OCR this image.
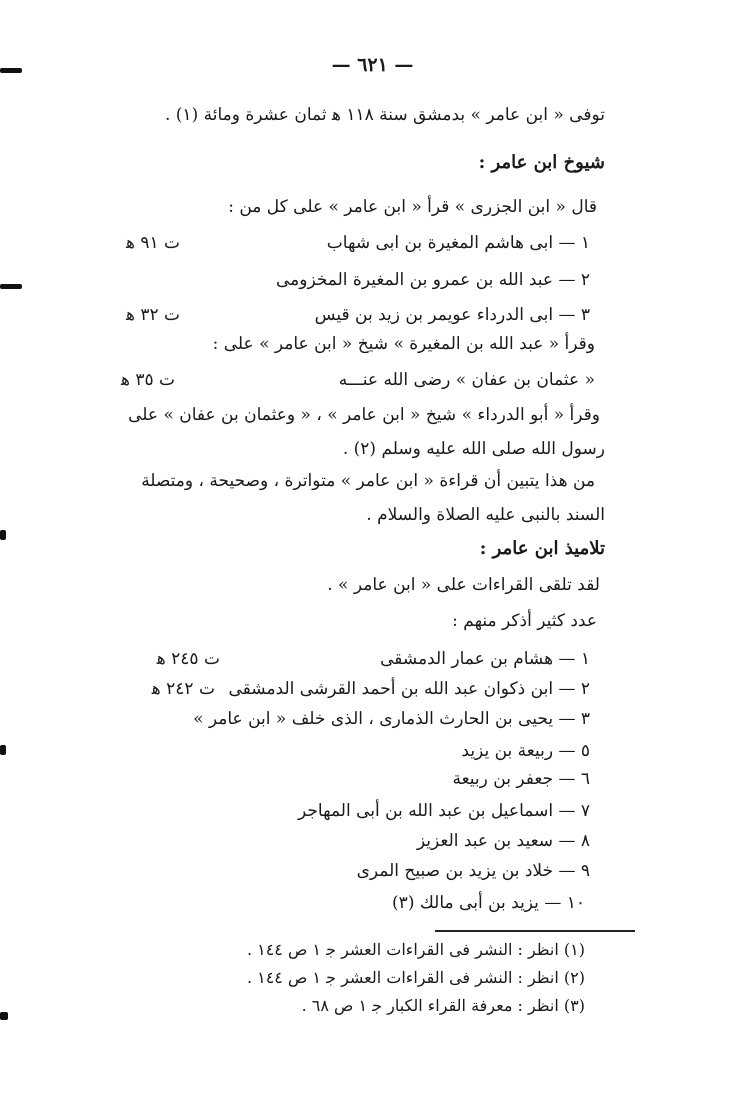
— ٦٢١ —
توفى « ابن عامر » بدمشق سنة ١١٨ ﻫ ثمان عشرة ومائة (١) .
شيوخ ابن عامر :
قال « ابن الجزرى » قرأ « ابن عامر » على كل من :
١ — ابى هاشم المغيرة بن ابى شهاب
ت ٩١ ﻫ
٢ — عبد الله بن عمرو بن المغيرة المخزومى
٣ — ابى الدرداء عويمر بن زيد بن قيس
ت ٣٢ ﻫ
وقرأ « عبد الله بن المغيرة » شيخ « ابن عامر » على :
« عثمان بن عفان » رضى الله عنـــه
ت ٣٥ ﻫ
وقرأ « أبو الدرداء » شيخ « ابن عامر » ، « وعثمان بن عفان » على
رسول الله صلى الله عليه وسلم (٢) .
من هذا يتبين أن قراءة « ابن عامر » متواترة ، وصحيحة ، ومتصلة
السند بالنبى عليه الصلاة والسلام .
تلاميذ ابن عامر :
لقد تلقى القراءات على « ابن عامر » .
عدد كثير أذكر منهم :
١ — هشام بن عمار الدمشقى
ت ٢٤٥ ﻫ
٢ — ابن ذكوان عبد الله بن أحمد القرشى الدمشقى
ت ٢٤٢ ﻫ
٣ — يحيى بن الحارث الذمارى ، الذى خلف « ابن عامر »
٥ — ربيعة بن يزيد
٦ — جعفر بن ربيعة
٧ — اسماعيل بن عبد الله بن أبى المهاجر
٨ — سعيد بن عبد العزيز
٩ — خلاد بن يزيد بن صبيح المرى
١٠ — يزيد بن أبى مالك (٣)
(١) انظر : النشر فى القراءات العشر ﺟ ١ ص ١٤٤ .
(٢) انظر : النشر فى القراءات العشر ﺟ ١ ص ١٤٤ .
(٣) انظر : معرفة القراء الكبار ﺟ ١ ص ٦٨ .
